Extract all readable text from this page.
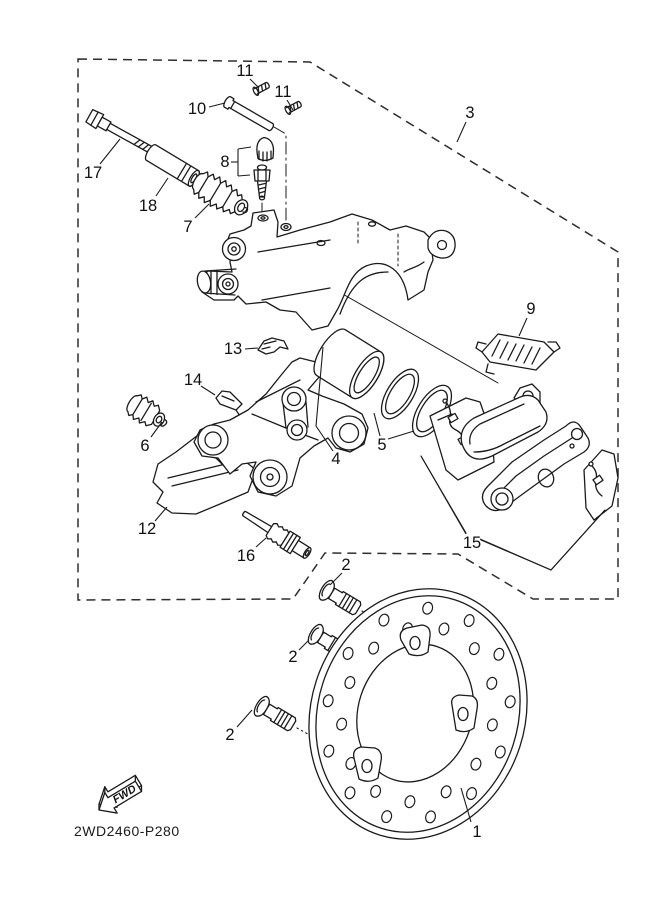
FWD
2WD2460-P280	1
2
2
2
3
4
5
6
7
8
9
10
11
11
12
13
14
15
16
17
18
